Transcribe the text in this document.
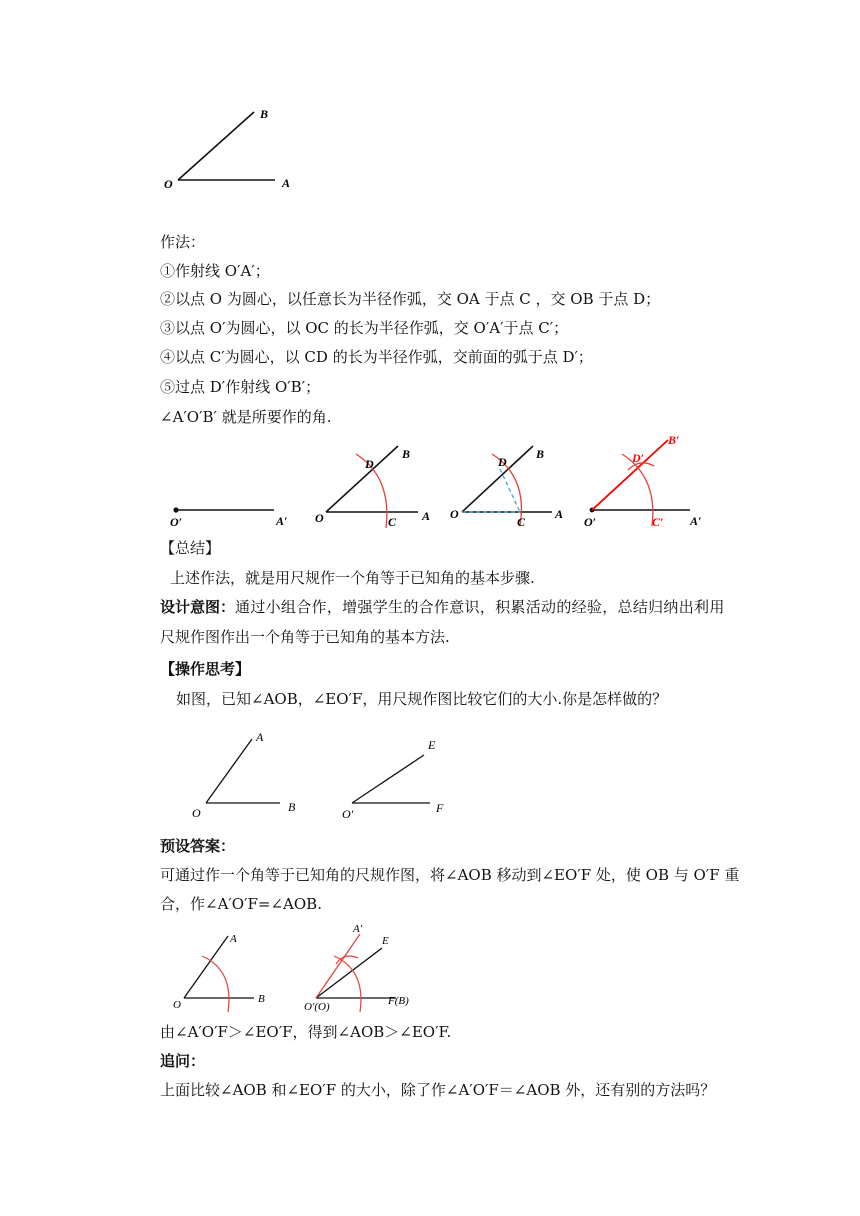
B
O	A
作法：
①作射线 O′A′；
②以点 O 为圆心，以任意长为半径作弧，交 OA 于点 C ，交 OB 于点 D；
③以点 O′为圆心，以 OC 的长为半径作弧，交 O′A′于点 C′；
④以点 C′为圆心，以 CD 的长为半径作弧，交前面的弧于点 D′；
⑤过点 D′作射线 O′B′；
∠A′O′B′ 就是所要作的角.
O′	A′
D
B
O	C A
D
B
O
C
A
D′
B′
O′	C′ A′
【总结】
上述作法，就是用尺规作一个角等于已知角的基本步骤.
设计意图：通过小组合作，增强学生的合作意识，积累活动的经验，总结归纳出利用
尺规作图作出一个角等于已知角的基本方法.
【操作思考】
如图，已知∠AOB，∠EO′F，用尺规作图比较它们的大小.你是怎样做的？
A
O	B
E
O′	F
预设答案：
可通过作一个角等于已知角的尺规作图，将∠AOB 移动到∠EO′F 处，使 OB 与 O′F 重
合，作∠A′O′F=∠AOB.
A
O	B
A′
E
O′(O)	F(B)
由∠A′O′F＞∠EO′F，得到∠AOB＞∠EO′F.
追问：
上面比较∠AOB 和∠EO′F 的大小，除了作∠A′O′F＝∠AOB 外，还有别的方法吗？
